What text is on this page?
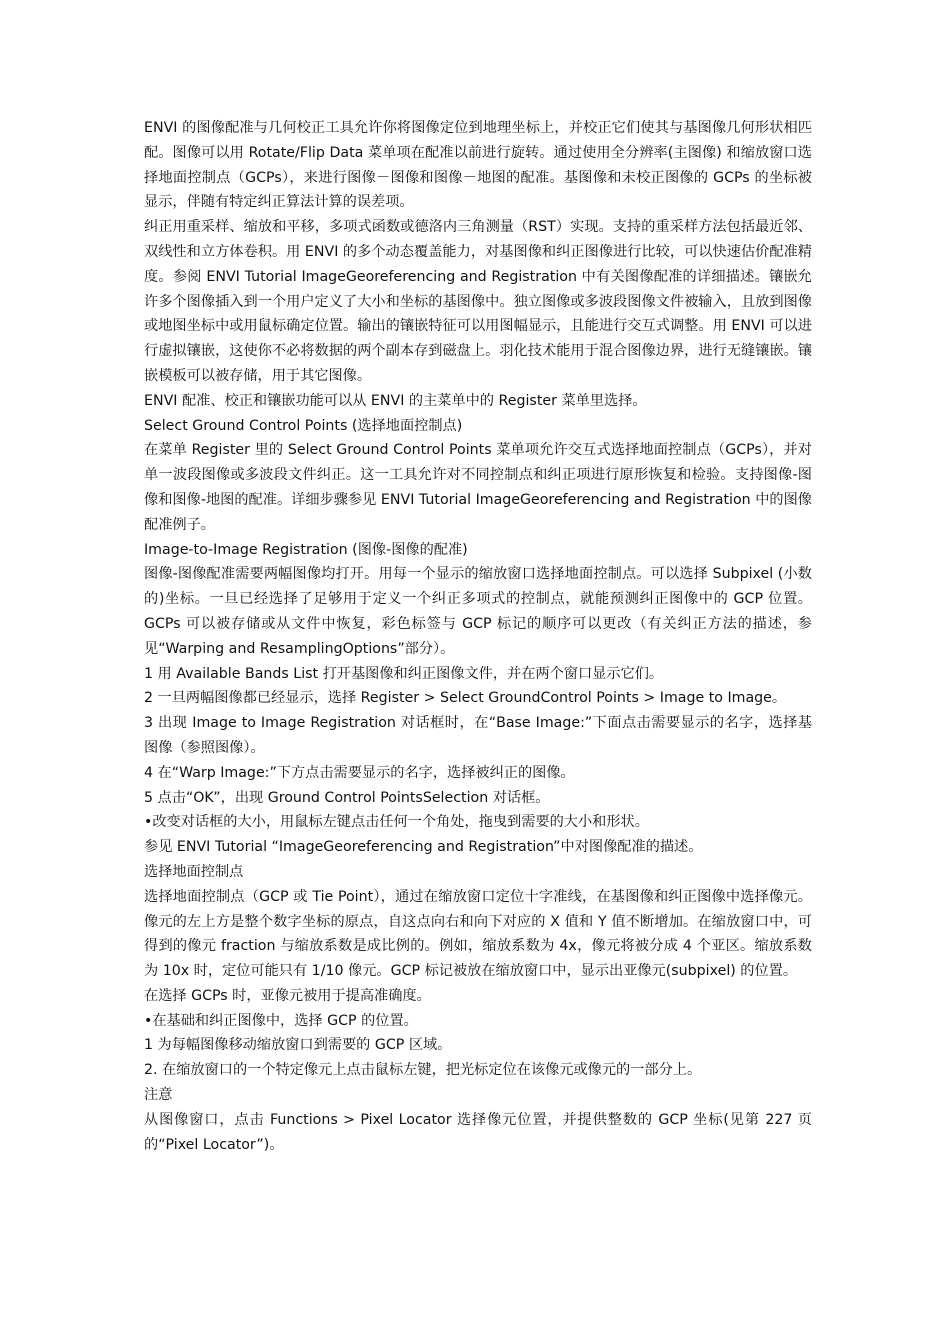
ENVI 的图像配准与几何校正工具允许你将图像定位到地理坐标上，并校正它们使其与基图像几何形状相匹配。图像可以用 Rotate/Flip Data 菜单项在配准以前进行旋转。通过使用全分辨率(主图像) 和缩放窗口选择地面控制点（GCPs），来进行图像－图像和图像－地图的配准。基图像和未校正图像的 GCPs 的坐标被显示，伴随有特定纠正算法计算的误差项。

纠正用重采样、缩放和平移，多项式函数或德洛内三角测量（RST）实现。支持的重采样方法包括最近邻、双线性和立方体卷积。用 ENVI 的多个动态覆盖能力，对基图像和纠正图像进行比较，可以快速估价配准精度。参阅 ENVI Tutorial ImageGeoreferencing and Registration 中有关图像配准的详细描述。镶嵌允许多个图像插入到一个用户定义了大小和坐标的基图像中。独立图像或多波段图像文件被输入，且放到图像或地图坐标中或用鼠标确定位置。输出的镶嵌特征可以用图幅显示，且能进行交互式调整。用 ENVI 可以进行虚拟镶嵌，这使你不必将数据的两个副本存到磁盘上。羽化技术能用于混合图像边界，进行无缝镶嵌。镶嵌模板可以被存储，用于其它图像。

ENVI 配准、校正和镶嵌功能可以从 ENVI 的主菜单中的 Register 菜单里选择。

Select Ground Control Points (选择地面控制点)

在菜单 Register 里的 Select Ground Control Points 菜单项允许交互式选择地面控制点（GCPs），并对单一波段图像或多波段文件纠正。这一工具允许对不同控制点和纠正项进行原形恢复和检验。支持图像-图像和图像-地图的配准。详细步骤参见 ENVI Tutorial ImageGeoreferencing and Registration 中的图像配准例子。

Image-to-Image Registration (图像-图像的配准)

图像-图像配准需要两幅图像均打开。用每一个显示的缩放窗口选择地面控制点。可以选择 Subpixel (小数的)坐标。一旦已经选择了足够用于定义一个纠正多项式的控制点，就能预测纠正图像中的 GCP 位置。GCPs 可以被存储或从文件中恢复，彩色标签与 GCP 标记的顺序可以更改（有关纠正方法的描述，参见“Warping and ResamplingOptions”部分）。

1 用 Available Bands List 打开基图像和纠正图像文件，并在两个窗口显示它们。

2 一旦两幅图像都已经显示，选择 Register > Select GroundControl Points > Image to Image。

3 出现 Image to Image Registration 对话框时，在“Base Image:”下面点击需要显示的名字，选择基图像（参照图像）。

4 在“Warp Image:”下方点击需要显示的名字，选择被纠正的图像。

5 点击“OK”，出现 Ground Control PointsSelection 对话框。

•改变对话框的大小，用鼠标左键点击任何一个角处，拖曳到需要的大小和形状。

参见 ENVI Tutorial “ImageGeoreferencing and Registration”中对图像配准的描述。

选择地面控制点

选择地面控制点（GCP 或 Tie Point），通过在缩放窗口定位十字准线，在基图像和纠正图像中选择像元。像元的左上方是整个数字坐标的原点，自这点向右和向下对应的 X 值和 Y 值不断增加。在缩放窗口中，可得到的像元 fraction 与缩放系数是成比例的。例如，缩放系数为 4x，像元将被分成 4 个亚区。缩放系数为 10x 时，定位可能只有 1/10 像元。GCP 标记被放在缩放窗口中，显示出亚像元(subpixel) 的位置。

在选择 GCPs 时，亚像元被用于提高准确度。

•在基础和纠正图像中，选择 GCP 的位置。

1 为每幅图像移动缩放窗口到需要的 GCP 区域。

2. 在缩放窗口的一个特定像元上点击鼠标左键，把光标定位在该像元或像元的一部分上。

注意

从图像窗口，点击 Functions > Pixel Locator 选择像元位置，并提供整数的 GCP 坐标(见第 227 页的“Pixel Locator”)。
